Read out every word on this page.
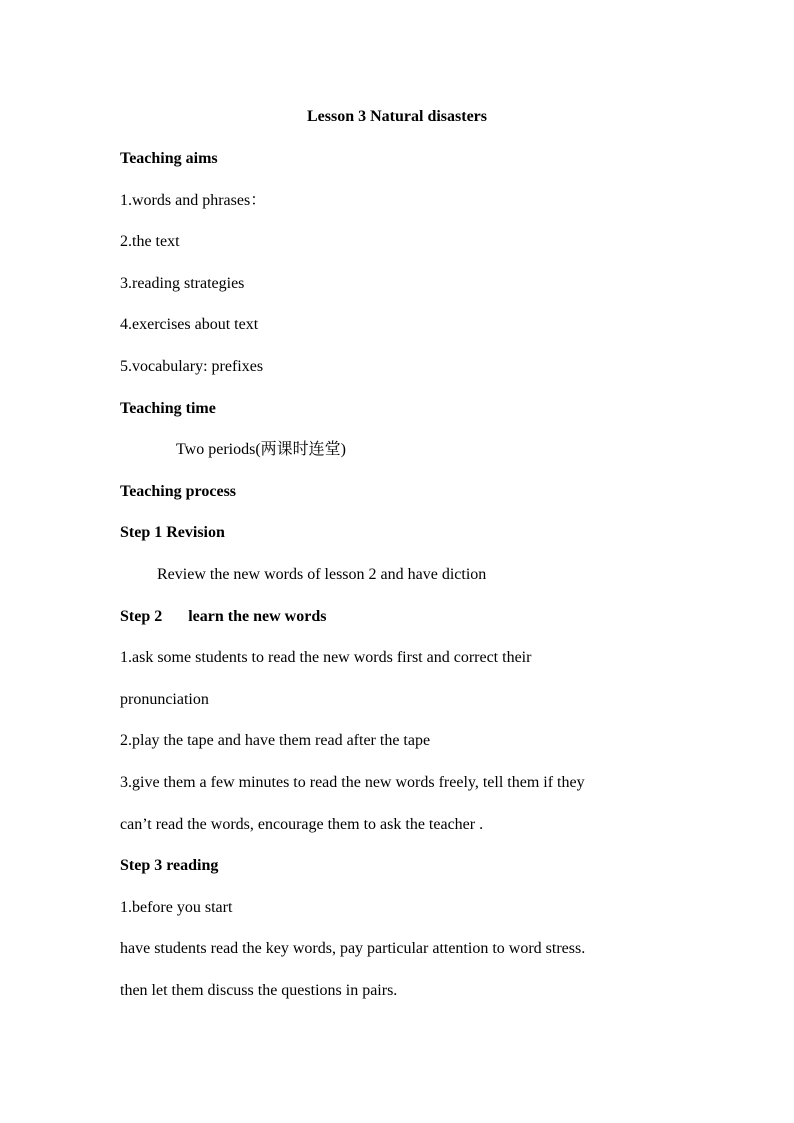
Lesson 3 Natural disasters
Teaching aims
1.words and phrases：
2.the text
3.reading strategies
4.exercises about text
5.vocabulary: prefixes
Teaching time
Two periods(两课时连堂)
Teaching process
Step 1 Revision
Review the new words of lesson 2 and have diction
Step 2 learn the new words
1.ask some students to read the new words first and correct their
pronunciation
2.play the tape and have them read after the tape
3.give them a few minutes to read the new words freely, tell them if they
can’t read the words, encourage them to ask the teacher .
Step 3 reading
1.before you start
have students read the key words, pay particular attention to word stress.
then let them discuss the questions in pairs.
